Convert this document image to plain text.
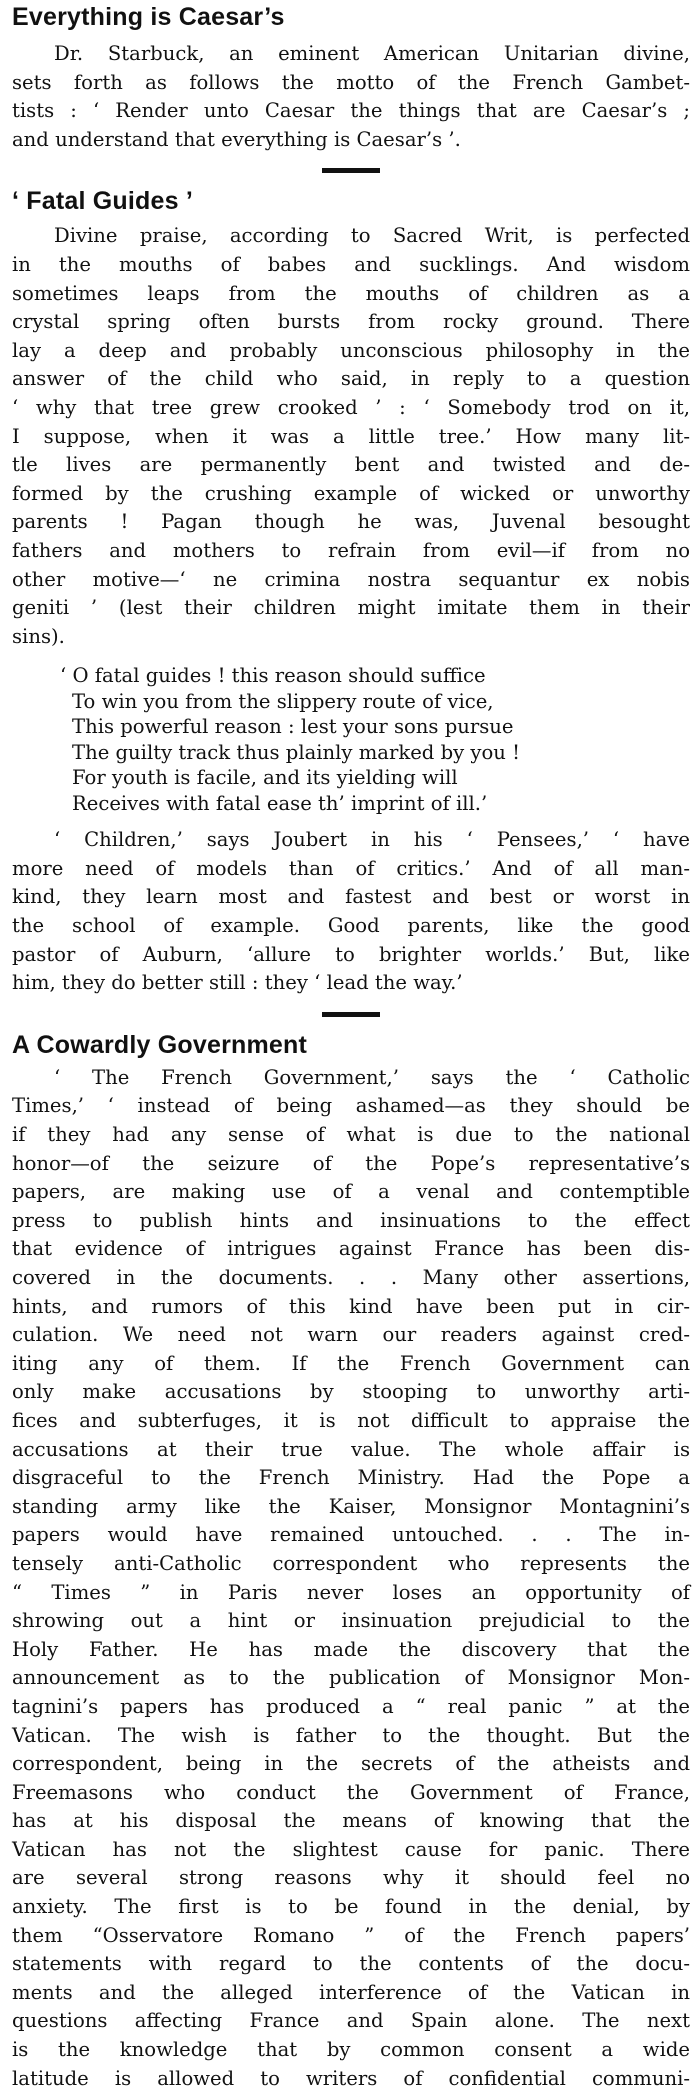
Everything is Caesar’s
Dr. Starbuck, an eminent American Unitarian divine,
sets forth as follows the motto of the French Gambet-
tists : ‘ Render unto Caesar the things that are Caesar’s ;
and understand that everything is Caesar’s ’.
‘ Fatal Guides ’
Divine praise, according to Sacred Writ, is perfected
in the mouths of babes and sucklings. And wisdom
sometimes leaps from the mouths of children as a
crystal spring often bursts from rocky ground. There
lay a deep and probably unconscious philosophy in the
answer of the child who said, in reply to a question
‘ why that tree grew crooked ’ : ‘ Somebody trod on it,
I suppose, when it was a little tree.’ How many lit-
tle lives are permanently bent and twisted and de-
formed by the crushing example of wicked or unworthy
parents ! Pagan though he was, Juvenal besought
fathers and mothers to refrain from evil—if from no
other motive—‘ ne crimina nostra sequantur ex nobis
geniti ’ (lest their children might imitate them in their
sins).
‘ O fatal guides ! this reason should suffice
To win you from the slippery route of vice,
This powerful reason : lest your sons pursue
The guilty track thus plainly marked by you !
For youth is facile, and its yielding will
Receives with fatal ease th’ imprint of ill.’
‘ Children,’ says Joubert in his ‘ Pensees,’ ‘ have
more need of models than of critics.’ And of all man-
kind, they learn most and fastest and best or worst in
the school of example. Good parents, like the good
pastor of Auburn, ‘allure to brighter worlds.’ But, like
him, they do better still : they ‘ lead the way.’
A Cowardly Government
‘ The French Government,’ says the ‘ Catholic
Times,’ ‘ instead of being ashamed—as they should be
if they had any sense of what is due to the national
honor—of the seizure of the Pope’s representative’s
papers, are making use of a venal and contemptible
press to publish hints and insinuations to the effect
that evidence of intrigues against France has been dis-
covered in the documents. . . Many other assertions,
hints, and rumors of this kind have been put in cir-
culation. We need not warn our readers against cred-
iting any of them. If the French Government can
only make accusations by stooping to unworthy arti-
fices and subterfuges, it is not difficult to appraise the
accusations at their true value. The whole affair is
disgraceful to the French Ministry. Had the Pope a
standing army like the Kaiser, Monsignor Montagnini’s
papers would have remained untouched. . . The in-
tensely anti-Catholic correspondent who represents the
“ Times ” in Paris never loses an opportunity of
shrowing out a hint or insinuation prejudicial to the
Holy Father. He has made the discovery that the
announcement as to the publication of Monsignor Mon-
tagnini’s papers has produced a “ real panic ” at the
Vatican. The wish is father to the thought. But the
correspondent, being in the secrets of the atheists and
Freemasons who conduct the Government of France,
has at his disposal the means of knowing that the
Vatican has not the slightest cause for panic. There
are several strong reasons why it should feel no
anxiety. The first is to be found in the denial, by
them “Osservatore Romano ” of the French papers’
statements with regard to the contents of the docu-
ments and the alleged interference of the Vatican in
questions affecting France and Spain alone. The next
is the knowledge that by common consent a wide
latitude is allowed to writers of confidential communi-
